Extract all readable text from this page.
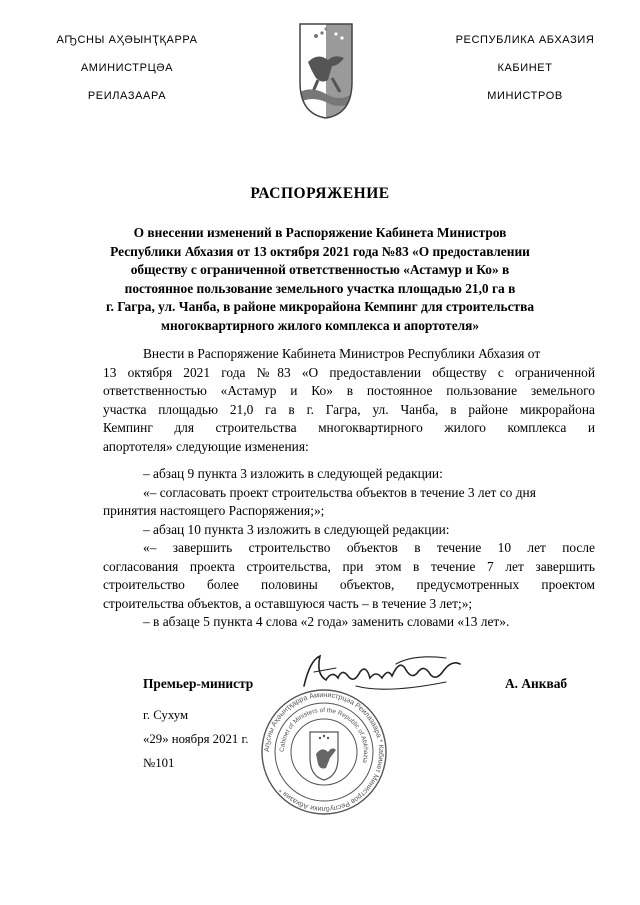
АҦСНЫ АҲӘЫНҬҚАРРА
АМИНИСТРЦӘА
РЕИЛАЗААРА
РЕСПУБЛИКА АБХАЗИЯ
КАБИНЕТ
МИНИСТРОВ
РАСПОРЯЖЕНИЕ
О внесении изменений в Распоряжение Кабинета Министров
Республики Абхазия от 13 октября 2021 года №83 «О предоставлении
обществу с ограниченной ответственностью «Астамур и Ко» в
постоянное пользование земельного участка площадью 21,0 га в
г. Гагра, ул. Чанба, в районе микрорайона Кемпинг для строительства
многоквартирного жилого комплекса и апортотеля»
Внести в Распоряжение Кабинета Министров Республики Абхазия от
13 октября 2021 года №83 «О предоставлении обществу с ограниченной
ответственностью «Астамур и Ко» в постоянное пользование земельного
участка площадью 21,0 га в г. Гагра, ул. Чанба, в районе микрорайона
Кемпинг для строительства многоквартирного жилого комплекса и
апортотеля» следующие изменения:
– абзац 9 пункта 3 изложить в следующей редакции:
«– согласовать проект строительства объектов в течение 3 лет со дня
принятия настоящего Распоряжения;»;
– абзац 10 пункта 3 изложить в следующей редакции:
«– завершить строительство объектов в течение 10 лет после
согласования проекта строительства, при этом в течение 7 лет завершить
строительство более половины объектов, предусмотренных проектом
строительства объектов, а оставшуюся часть – в течение 3 лет;»;
– в абзаце 5 пункта 4 слова «2 года» заменить словами «13 лет».
Премьер-министр	А. Анкваб
г. Сухум
«29» ноября 2021 г.
№101
Аҧсны Аҳәынҭқарра Аминистрцәа Реилазаара * Кабинет Министров Республики Абхазия *
Cabinet of Ministers of the Republic of Abkhazia
